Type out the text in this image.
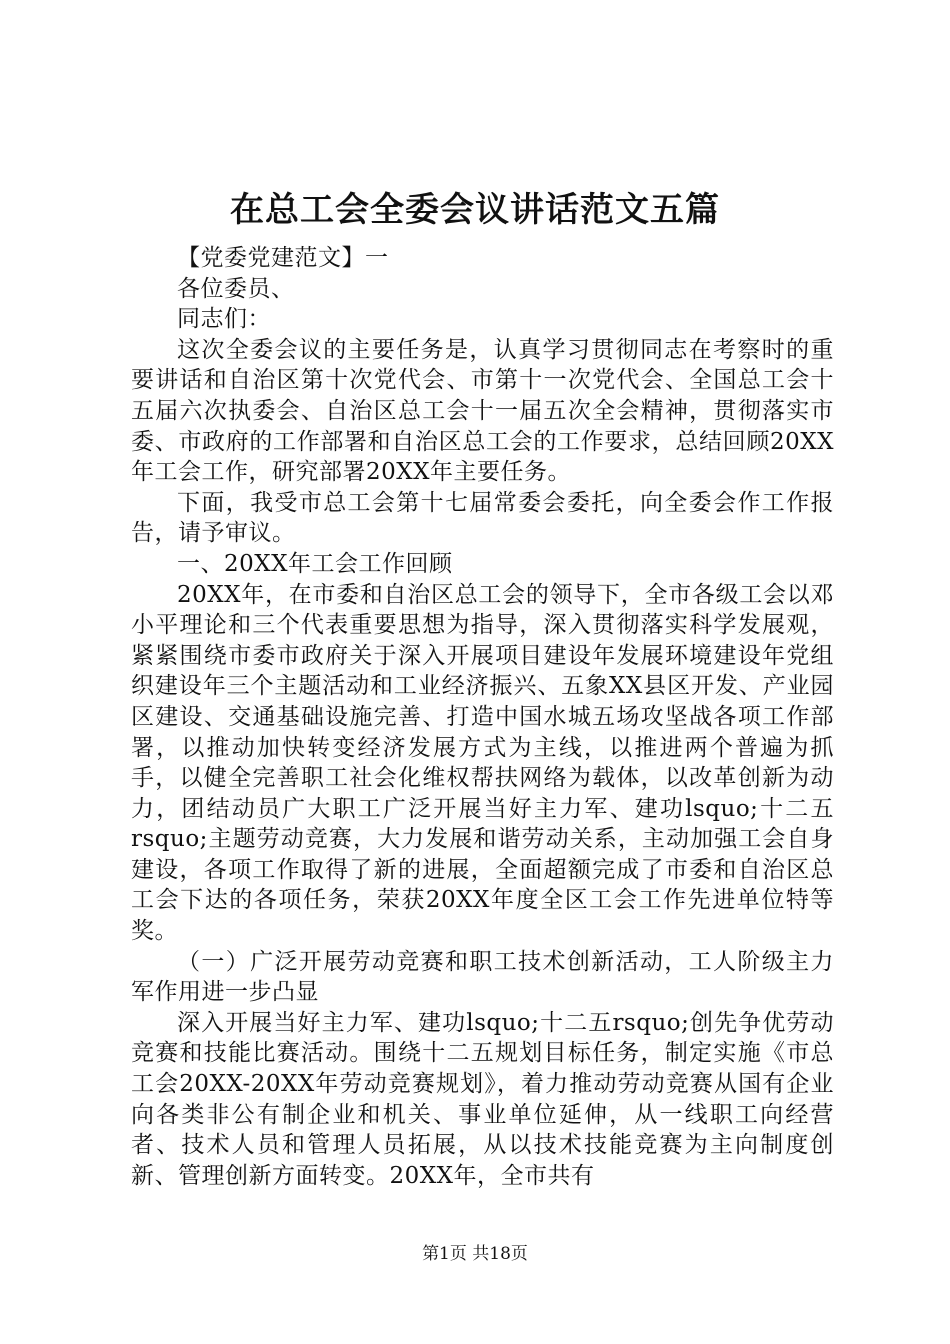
在总工会全委会议讲话范文五篇

【党委党建范文】一

各位委员、

同志们：

这次全委会议的主要任务是，认真学习贯彻同志在考察时的重要讲话和自治区第十次党代会、市第十一次党代会、全国总工会十五届六次执委会、自治区总工会十一届五次全会精神，贯彻落实市委、市政府的工作部署和自治区总工会的工作要求，总结回顾20XX年工会工作，研究部署20XX年主要任务。

下面，我受市总工会第十七届常委会委托，向全委会作工作报告，请予审议。

一、20XX年工会工作回顾

20XX年，在市委和自治区总工会的领导下，全市各级工会以邓小平理论和三个代表重要思想为指导，深入贯彻落实科学发展观，紧紧围绕市委市政府关于深入开展项目建设年发展环境建设年党组织建设年三个主题活动和工业经济振兴、五象XX县区开发、产业园区建设、交通基础设施完善、打造中国水城五场攻坚战各项工作部署，以推动加快转变经济发展方式为主线，以推进两个普遍为抓手，以健全完善职工社会化维权帮扶网络为载体，以改革创新为动力，团结动员广大职工广泛开展当好主力军、建功lsquo;十二五rsquo;主题劳动竞赛，大力发展和谐劳动关系，主动加强工会自身建设，各项工作取得了新的进展，全面超额完成了市委和自治区总工会下达的各项任务，荣获20XX年度全区工会工作先进单位特等奖。

（一）广泛开展劳动竞赛和职工技术创新活动，工人阶级主力军作用进一步凸显

深入开展当好主力军、建功lsquo;十二五rsquo;创先争优劳动竞赛和技能比赛活动。围绕十二五规划目标任务，制定实施《市总工会20XX-20XX年劳动竞赛规划》，着力推动劳动竞赛从国有企业向各类非公有制企业和机关、事业单位延伸，从一线职工向经营者、技术人员和管理人员拓展，从以技术技能竞赛为主向制度创新、管理创新方面转变。20XX年，全市共有

第1页 共18页
